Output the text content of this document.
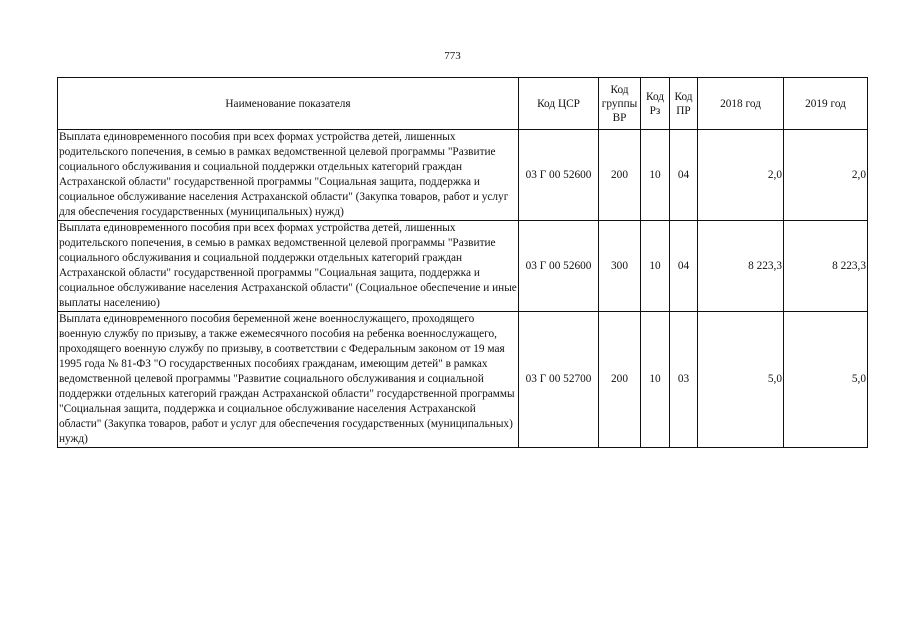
773
Наименование показателя	Код ЦСР	Код группы ВР	Код Рз	Код ПР	2018 год	2019 год
Выплата единовременного пособия при всех формах устройства детей, лишенных родительского попечения, в семью в рамках ведомственной целевой программы "Развитие социального обслуживания и социальной поддержки отдельных категорий граждан Астраханской области" государственной программы "Социальная защита, поддержка и социальное обслуживание населения Астраханской области" (Закупка товаров, работ и услуг для обеспечения государственных (муниципальных) нужд)	03 Г 00 52600	200	10	04	2,0	2,0
Выплата единовременного пособия при всех формах устройства детей, лишенных родительского попечения, в семью в рамках ведомственной целевой программы "Развитие социального обслуживания и социальной поддержки отдельных категорий граждан Астраханской области" государственной программы "Социальная защита, поддержка и социальное обслуживание населения Астраханской области" (Социальное обеспечение и иные выплаты населению)	03 Г 00 52600	300	10	04	8 223,3	8 223,3
Выплата единовременного пособия беременной жене военнослужащего, проходящего военную службу по призыву, а также ежемесячного пособия на ребенка военнослужащего, проходящего военную службу по призыву, в соответствии с Федеральным законом от 19 мая 1995 года № 81-ФЗ "О государственных пособиях гражданам, имеющим детей" в рамках ведомственной целевой программы "Развитие социального обслуживания и социальной поддержки отдельных категорий граждан Астраханской области" государственной программы "Социальная защита, поддержка и социальное обслуживание населения Астраханской области" (Закупка товаров, работ и услуг для обеспечения государственных (муниципальных) нужд)	03 Г 00 52700	200	10	03	5,0	5,0
